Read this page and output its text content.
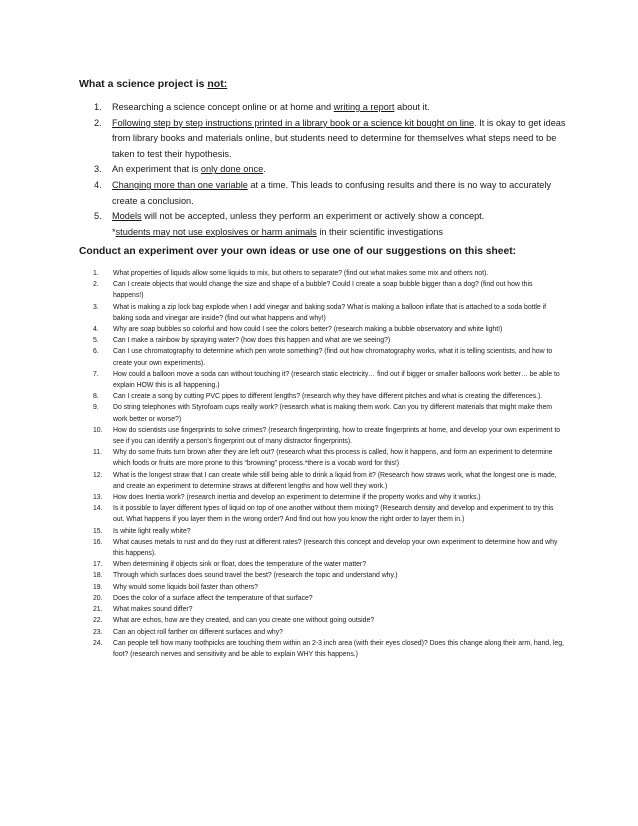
What a science project is not:
1. Researching a science concept online or at home and writing a report about it.
2. Following step by step instructions printed in a library book or a science kit bought on line. It is okay to get ideas from library books and materials online, but students need to determine for themselves what steps need to be taken to test their hypothesis.
3. An experiment that is only done once.
4. Changing more than one variable at a time. This leads to confusing results and there is no way to accurately create a conclusion.
5. Models will not be accepted, unless they perform an experiment or actively show a concept.
*students may not use explosives or harm animals in their scientific investigations
Conduct an experiment over your own ideas or use one of our suggestions on this sheet:
1. What properties of liquids allow some liquids to mix, but others to separate? (find out what makes some mix and others not).
2. Can I create objects that would change the size and shape of a bubble? Could I create a soap bubble bigger than a dog? (find out how this happens!)
3. What is making a zip lock bag explode when I add vinegar and baking soda? What is making a balloon inflate that is attached to a soda bottle if baking soda and vinegar are inside? (find out what happens and why!)
4. Why are soap bubbles so colorful and how could I see the colors better? (research making a bubble observatory and white light!)
5. Can I make a rainbow by spraying water? (how does this happen and what are we seeing?)
6. Can I use chromatography to determine which pen wrote something? (find out how chromatography works, what it is telling scientists, and how to create your own experiments).
7. How could a balloon move a soda can without touching it? (research static electricity… find out if bigger or smaller balloons work better… be able to explain HOW this is all happening.)
8. Can I create a song by cutting PVC pipes to different lengths? (research why they have different pitches and what is creating the differences.).
9. Do string telephones with Styrofoam cups really work? (research what is making them work. Can you try different materials that might make them work better or worse?)
10. How do scientists use fingerprints to solve crimes? (research fingerprinting, how to create fingerprints at home, and develop your own experiment to see if you can identify a person's fingerprint out of many distractor fingerprints).
11. Why do some fruits turn brown after they are left out? (research what this process is called, how it happens, and form an experiment to determine which foods or fruits are more prone to this “browning” process.*there is a vocab word for this!)
12. What is the longest straw that I can create while still being able to drink a liquid from it? (Research how straws work, what the longest one is made, and create an experiment to determine straws at different lengths and how well they work.)
13. How does Inertia work? (research inertia and develop an experiment to determine if the property works and why it works.)
14. Is it possible to layer different types of liquid on top of one another without them mixing? (Research density and develop and experiment to try this out. What happens if you layer them in the wrong order? And find out how you know the right order to layer them in.)
15. Is white light really white?
16. What causes metals to rust and do they rust at different rates? (research this concept and develop your own experiment to determine how and why this happens).
17. When determining if objects sink or float, does the temperature of the water matter?
18. Through which surfaces does sound travel the best? (research the topic and understand why.)
19. Why would some liquids boil faster than others?
20. Does the color of a surface affect the temperature of that surface?
21. What makes sound differ?
22. What are echos, how are they created, and can you create one without going outside?
23. Can an object roll farther on different surfaces and why?
24. Can people tell how many toothpicks are touching them within an 2-3 inch area (with their eyes closed)? Does this change along their arm, hand, leg, foot? (research nerves and sensitivity and be able to explain WHY this happens.)
